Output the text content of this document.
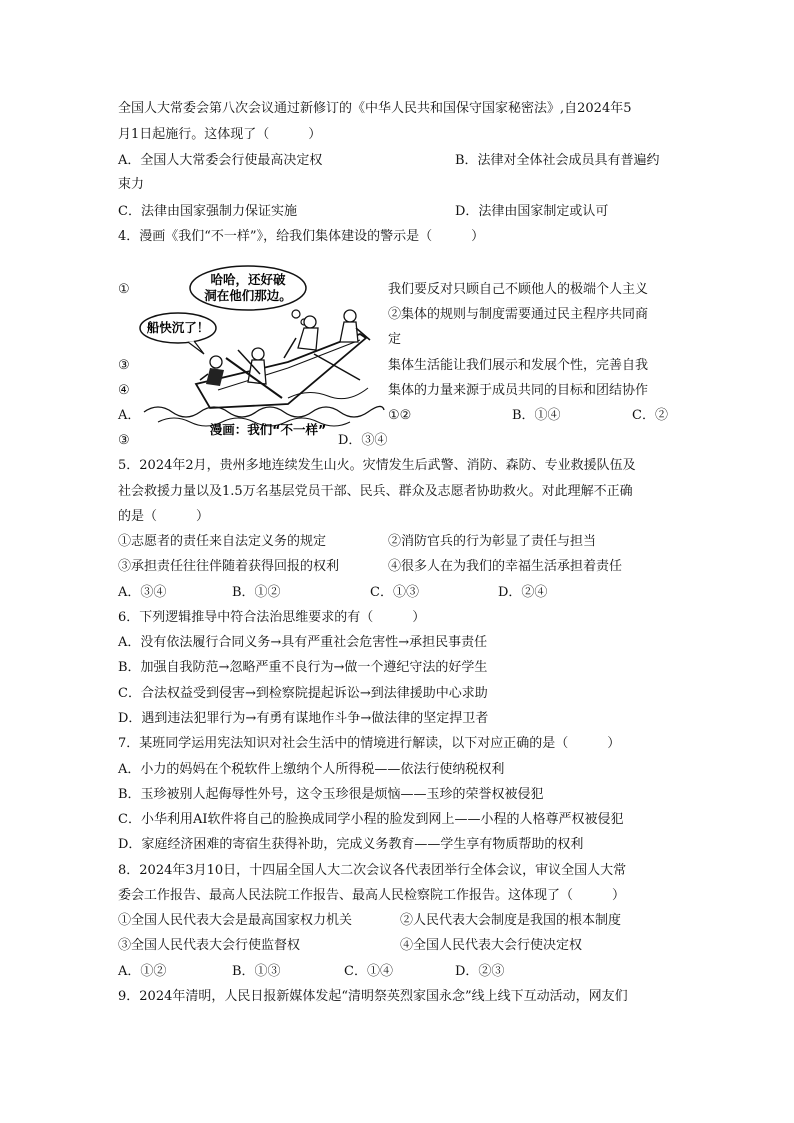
全国人大常委会第八次会议通过新修订的《中华人民共和国保守国家秘密法》,自2024年5
月1日起施行。这体现了（　　　）
A．全国人大常委会行使最高决定权	B．法律对全体社会成员具有普遍约
束力
C．法律由国家强制力保证实施	D．法律由国家制定或认可
4．漫画《我们“不一样”》，给我们集体建设的警示是（　　　）
①	我们要反对只顾自己不顾他人的极端个人主义
②集体的规则与制度需要通过民主程序共同商
定
③	集体生活能让我们展示和发展个性，完善自我
④	集体的力量来源于成员共同的目标和团结协作
A．	①②	B．①④	C．②
③	D．③④
哈哈，还好破
洞在他们那边。
船快沉了！
漫画：我们“不一样”
5．2024年2月，贵州多地连续发生山火。灾情发生后武警、消防、森防、专业救援队伍及
社会救援力量以及1.5万名基层党员干部、民兵、群众及志愿者协助救火。对此理解不正确
的是（　　　）
①志愿者的责任来自法定义务的规定	②消防官兵的行为彰显了责任与担当
③承担责任往往伴随着获得回报的权利	④很多人在为我们的幸福生活承担着责任
A．③④	B．①②	C．①③	D．②④
6．下列逻辑推导中符合法治思维要求的有（　　　）
A．没有依法履行合同义务→具有严重社会危害性→承担民事责任
B．加强自我防范→忽略严重不良行为→做一个遵纪守法的好学生
C．合法权益受到侵害→到检察院提起诉讼→到法律援助中心求助
D．遇到违法犯罪行为→有勇有谋地作斗争→做法律的坚定捍卫者
7．某班同学运用宪法知识对社会生活中的情境进行解读，以下对应正确的是（　　　）
A．小力的妈妈在个税软件上缴纳个人所得税——依法行使纳税权利
B．玉珍被别人起侮辱性外号，这令玉珍很是烦恼——玉珍的荣誉权被侵犯
C．小华利用AI软件将自己的脸换成同学小程的脸发到网上——小程的人格尊严权被侵犯
D．家庭经济困难的寄宿生获得补助，完成义务教育——学生享有物质帮助的权利
8．2024年3月10日，十四届全国人大二次会议各代表团举行全体会议，审议全国人大常
委会工作报告、最高人民法院工作报告、最高人民检察院工作报告。这体现了（　　　）
①全国人民代表大会是最高国家权力机关	②人民代表大会制度是我国的根本制度
③全国人民代表大会行使监督权	④全国人民代表大会行使决定权
A．①②	B．①③	C．①④	D．②③
9．2024年清明，人民日报新媒体发起“清明祭英烈家国永念”线上线下互动活动，网友们
